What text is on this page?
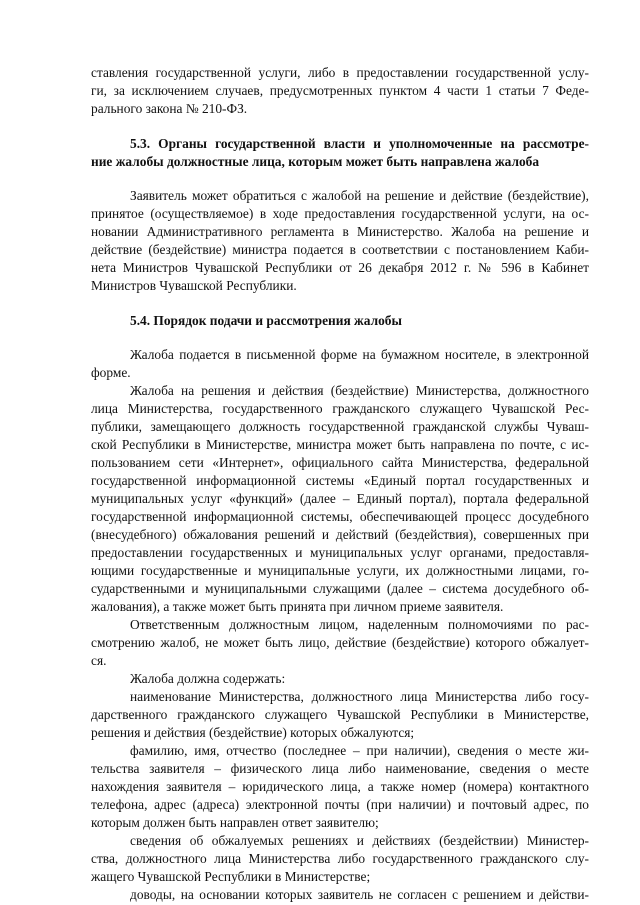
ставления государственной услуги, либо в предоставлении государственной услу-
ги, за исключением случаев, предусмотренных пунктом 4 части 1 статьи 7 Феде-
рального закона № 210-ФЗ.
5.3. Органы государственной власти и уполномоченные на рассмотре-
ние жалобы должностные лица, которым может быть направлена жалоба
Заявитель может обратиться с жалобой на решение и действие (бездействие),
принятое (осуществляемое) в ходе предоставления государственной услуги, на ос-
новании Административного регламента в Министерство. Жалоба на решение и
действие (бездействие) министра подается в соответствии с постановлением Каби-
нета Министров Чувашской Республики от 26 декабря 2012 г. № 596 в Кабинет
Министров Чувашской Республики.
5.4. Порядок подачи и рассмотрения жалобы
Жалоба подается в письменной форме на бумажном носителе, в электронной
форме.
Жалоба на решения и действия (бездействие) Министерства, должностного
лица Министерства, государственного гражданского служащего Чувашской Рес-
публики, замещающего должность государственной гражданской службы Чуваш-
ской Республики в Министерстве, министра может быть направлена по почте, с ис-
пользованием сети «Интернет», официального сайта Министерства, федеральной
государственной информационной системы «Единый портал государственных и
муниципальных услуг «функций» (далее – Единый портал), портала федеральной
государственной информационной системы, обеспечивающей процесс досудебного
(внесудебного) обжалования решений и действий (бездействия), совершенных при
предоставлении государственных и муниципальных услуг органами, предоставля-
ющими государственные и муниципальные услуги, их должностными лицами, го-
сударственными и муниципальными служащими (далее – система досудебного об-
жалования), а также может быть принята при личном приеме заявителя.
Ответственным должностным лицом, наделенным полномочиями по рас-
смотрению жалоб, не может быть лицо, действие (бездействие) которого обжалует-
ся.
Жалоба должна содержать:
наименование Министерства, должностного лица Министерства либо госу-
дарственного гражданского служащего Чувашской Республики в Министерстве,
решения и действия (бездействие) которых обжалуются;
фамилию, имя, отчество (последнее – при наличии), сведения о месте жи-
тельства заявителя – физического лица либо наименование, сведения о месте
нахождения заявителя – юридического лица, а также номер (номера) контактного
телефона, адрес (адреса) электронной почты (при наличии) и почтовый адрес, по
которым должен быть направлен ответ заявителю;
сведения об обжалуемых решениях и действиях (бездействии) Министер-
ства, должностного лица Министерства либо государственного гражданского слу-
жащего Чувашской Республики в Министерстве;
доводы, на основании которых заявитель не согласен с решением и действи-
